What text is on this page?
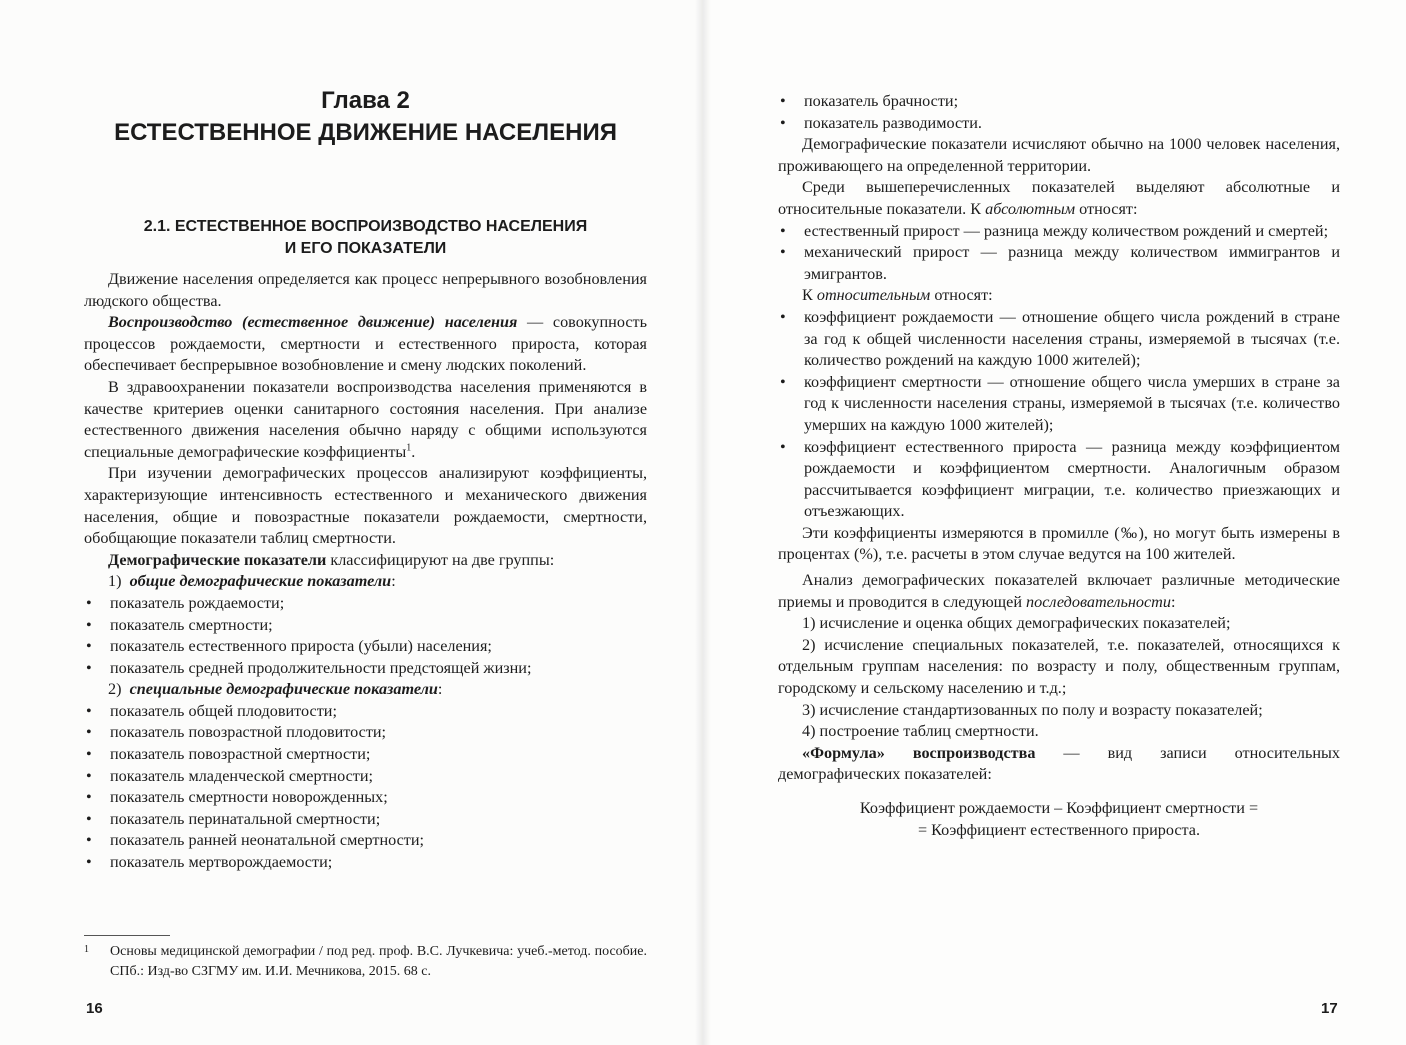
Глава 2
ЕСТЕСТВЕННОЕ ДВИЖЕНИЕ НАСЕЛЕНИЯ
2.1. ЕСТЕСТВЕННОЕ ВОСПРОИЗВОДСТВО НАСЕЛЕНИЯ
И ЕГО ПОКАЗАТЕЛИ

Движение населения определяется как процесс непрерывного возобновления людского общества.

Воспроизводство (естественное движение) населения — совокупность процессов рождаемости, смертности и естественного прироста, которая обеспечивает беспрерывное возобновление и смену людских поколений.

В здравоохранении показатели воспроизводства населения применяются в качестве критериев оценки санитарного состояния населения. При анализе естественного движения населения обычно наряду с общими используются специальные демографические коэффициенты$^1$.

При изучении демографических процессов анализируют коэффициенты, характеризующие интенсивность естественного и механического движения населения, общие и повозрастные показатели рождаемости, смертности, обобщающие показатели таблиц смертности.

Демографические показатели классифицируют на две группы:

1) общие демографические показатели:

• показатель рождаемости;
• показатель смертности;
• показатель естественного прироста (убыли) населения;
• показатель средней продолжительности предстоящей жизни;

2) специальные демографические показатели:

• показатель общей плодовитости;
• показатель повозрастной плодовитости;
• показатель повозрастной смертности;
• показатель младенческой смертности;
• показатель смертности новорожденных;
• показатель перинатальной смертности;
• показатель ранней неонатальной смертности;
• показатель мертворождаемости;
1	Основы медицинской демографии / под ред. проф. В.С. Лучкевича: учеб.-метод. пособие. СПб.: Изд-во СЗГМУ им. И.И. Мечникова, 2015. 68 с.
16
• показатель брачности;
• показатель разводимости.

Демографические показатели исчисляют обычно на 1000 человек населения, проживающего на определенной территории.

Среди вышеперечисленных показателей выделяют абсолютные и относительные показатели. К абсолютным относят:

• естественный прирост — разница между количеством рождений и смертей;
• механический прирост — разница между количеством иммигрантов и эмигрантов.

К относительным относят:

• коэффициент рождаемости — отношение общего числа рождений в стране за год к общей численности населения страны, измеряемой в тысячах (т.е. количество рождений на каждую 1000 жителей);
• коэффициент смертности — отношение общего числа умерших в стране за год к численности населения страны, измеряемой в тысячах (т.е. количество умерших на каждую 1000 жителей);
• коэффициент естественного прироста — разница между коэффициентом рождаемости и коэффициентом смертности. Аналогичным образом рассчитывается коэффициент миграции, т.е. количество приезжающих и отъезжающих.

Эти коэффициенты измеряются в промилле (‰), но могут быть измерены в процентах (%), т.е. расчеты в этом случае ведутся на 100 жителей.

Анализ демографических показателей включает различные методические приемы и проводится в следующей последовательности:

1) исчисление и оценка общих демографических показателей;

2) исчисление специальных показателей, т.е. показателей, относящихся к отдельным группам населения: по возрасту и полу, общественным группам, городскому и сельскому населению и т.д.;

3) исчисление стандартизованных по полу и возрасту показателей;

4) построение таблиц смертности.

«Формула» воспроизводства — вид записи относительных демографических показателей:

Коэффициент рождаемости – Коэффициент смертности =
= Коэффициент естественного прироста.
17
